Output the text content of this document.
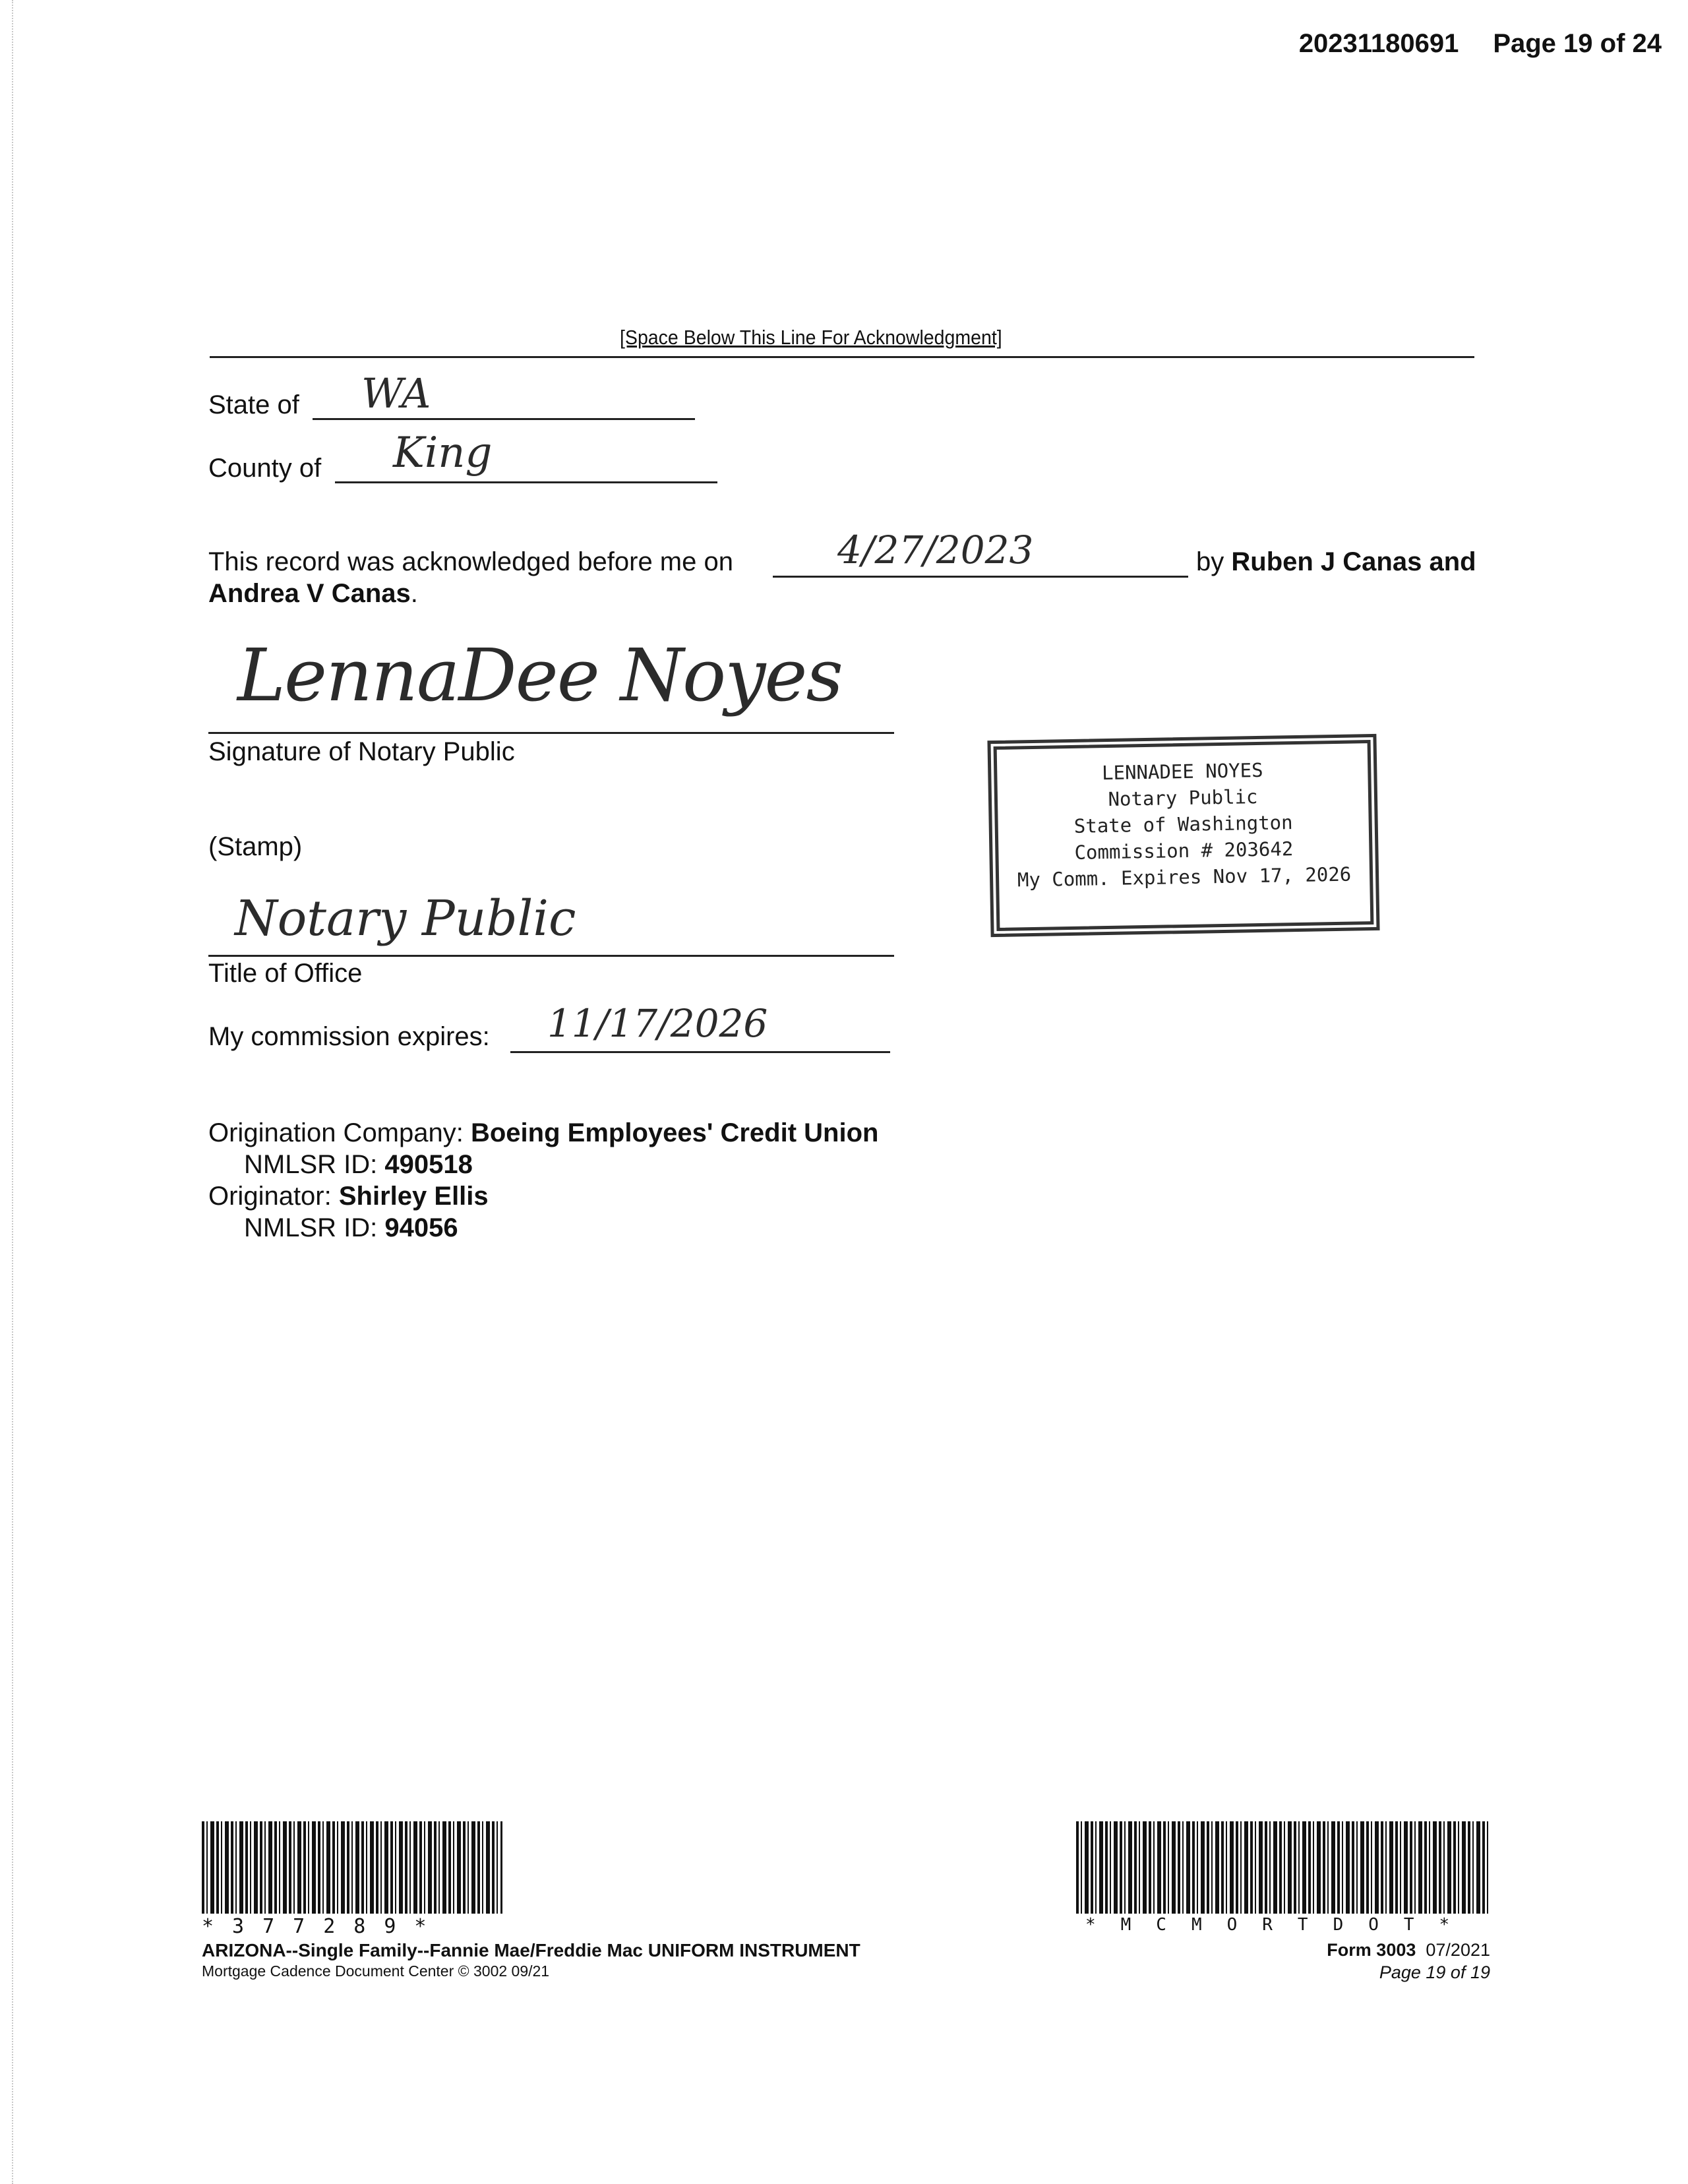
20231180691 Page 19 of 24
[Space Below This Line For Acknowledgment]
State of WA
County of King
This record was acknowledged before me on	4/27/2023	by Ruben J Canas and
Andrea V Canas.
LennaDee Noyes
Signature of Notary Public
(Stamp)
LENNADEE NOYES
Notary Public
State of Washington
Commission # 203642
My Comm. Expires Nov 17, 2026
Notary Public
Title of Office
My commission expires: 11/17/2026
Origination Company: Boeing Employees' Credit Union
NMLSR ID: 490518
Originator: Shirley Ellis
NMLSR ID: 94056
*3772​89*
ARIZONA--Single Family--Fannie Mae/Freddie Mac UNIFORM INSTRUMENT
Mortgage Cadence Document Center © 3002 09/21
*MCMORTDOT*
Form 3003 07/2021
Page 19 of 19
